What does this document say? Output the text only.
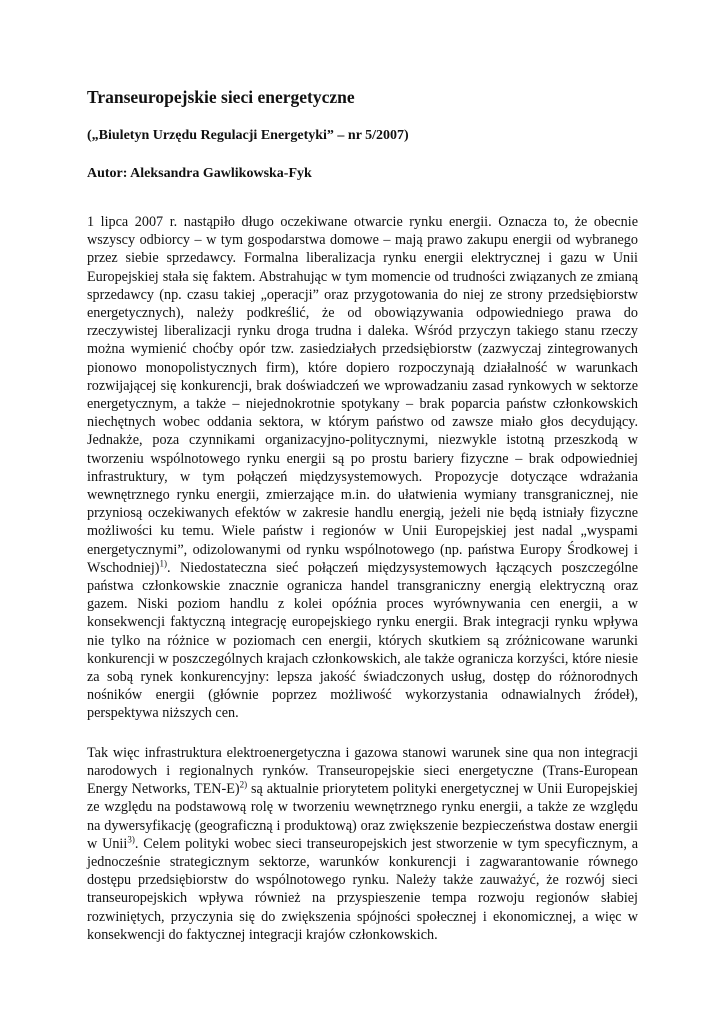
Transeuropejskie sieci energetyczne

(„Biuletyn Urzędu Regulacji Energetyki” – nr 5/2007)

Autor: Aleksandra Gawlikowska-Fyk

1 lipca 2007 r. nastąpiło długo oczekiwane otwarcie rynku energii. Oznacza to, że obecnie wszyscy odbiorcy – w tym gospodarstwa domowe – mają prawo zakupu energii od wybranego przez siebie sprzedawcy. Formalna liberalizacja rynku energii elektrycznej i gazu w Unii Europejskiej stała się faktem. Abstrahując w tym momencie od trudności związanych ze zmianą sprzedawcy (np. czasu takiej „operacji” oraz przygotowania do niej ze strony przedsiębiorstw energetycznych), należy podkreślić, że od obowiązywania odpowiedniego prawa do rzeczywistej liberalizacji rynku droga trudna i daleka. Wśród przyczyn takiego stanu rzeczy można wymienić choćby opór tzw. zasiedziałych przedsiębiorstw (zazwyczaj zintegrowanych pionowo monopolistycznych firm), które dopiero rozpoczynają działalność w warunkach rozwijającej się konkurencji, brak doświadczeń we wprowadzaniu zasad rynkowych w sektorze energetycznym, a także – niejednokrotnie spotykany – brak poparcia państw członkowskich niechętnych wobec oddania sektora, w którym państwo od zawsze miało głos decydujący. Jednakże, poza czynnikami organizacyjno-politycznymi, niezwykle istotną przeszkodą w tworzeniu wspólnotowego rynku energii są po prostu bariery fizyczne – brak odpowiedniej infrastruktury, w tym połączeń międzysystemowych. Propozycje dotyczące wdrażania wewnętrznego rynku energii, zmierzające m.in. do ułatwienia wymiany transgranicznej, nie przyniosą oczekiwanych efektów w zakresie handlu energią, jeżeli nie będą istniały fizyczne możliwości ku temu. Wiele państw i regionów w Unii Europejskiej jest nadal „wyspami energetycznymi”, odizolowanymi od rynku wspólnotowego (np. państwa Europy Środkowej i Wschodniej)$^{1)}$. Niedostateczna sieć połączeń międzysystemowych łączących poszczególne państwa członkowskie znacznie ogranicza handel transgraniczny energią elektryczną oraz gazem. Niski poziom handlu z kolei opóźnia proces wyrównywania cen energii, a w konsekwencji faktyczną integrację europejskiego rynku energii. Brak integracji rynku wpływa nie tylko na różnice w poziomach cen energii, których skutkiem są zróżnicowane warunki konkurencji w poszczególnych krajach członkowskich, ale także ogranicza korzyści, które niesie za sobą rynek konkurencyjny: lepsza jakość świadczonych usług, dostęp do różnorodnych nośników energii (głównie poprzez możliwość wykorzystania odnawialnych źródeł), perspektywa niższych cen.

Tak więc infrastruktura elektroenergetyczna i gazowa stanowi warunek sine qua non integracji narodowych i regionalnych rynków. Transeuropejskie sieci energetyczne (Trans-European Energy Networks, TEN-E)$^{2)}$ są aktualnie priorytetem polityki energetycznej w Unii Europejskiej ze względu na podstawową rolę w tworzeniu wewnętrznego rynku energii, a także ze względu na dywersyfikację (geograficzną i produktową) oraz zwiększenie bezpieczeństwa dostaw energii w Unii$^{3)}$. Celem polityki wobec sieci transeuropejskich jest stworzenie w tym specyficznym, a jednocześnie strategicznym sektorze, warunków konkurencji i zagwarantowanie równego dostępu przedsiębiorstw do wspólnotowego rynku. Należy także zauważyć, że rozwój sieci transeuropejskich wpływa również na przyspieszenie tempa rozwoju regionów słabiej rozwiniętych, przyczynia się do zwiększenia spójności społecznej i ekonomicznej, a więc w konsekwencji do faktycznej integracji krajów członkowskich.
